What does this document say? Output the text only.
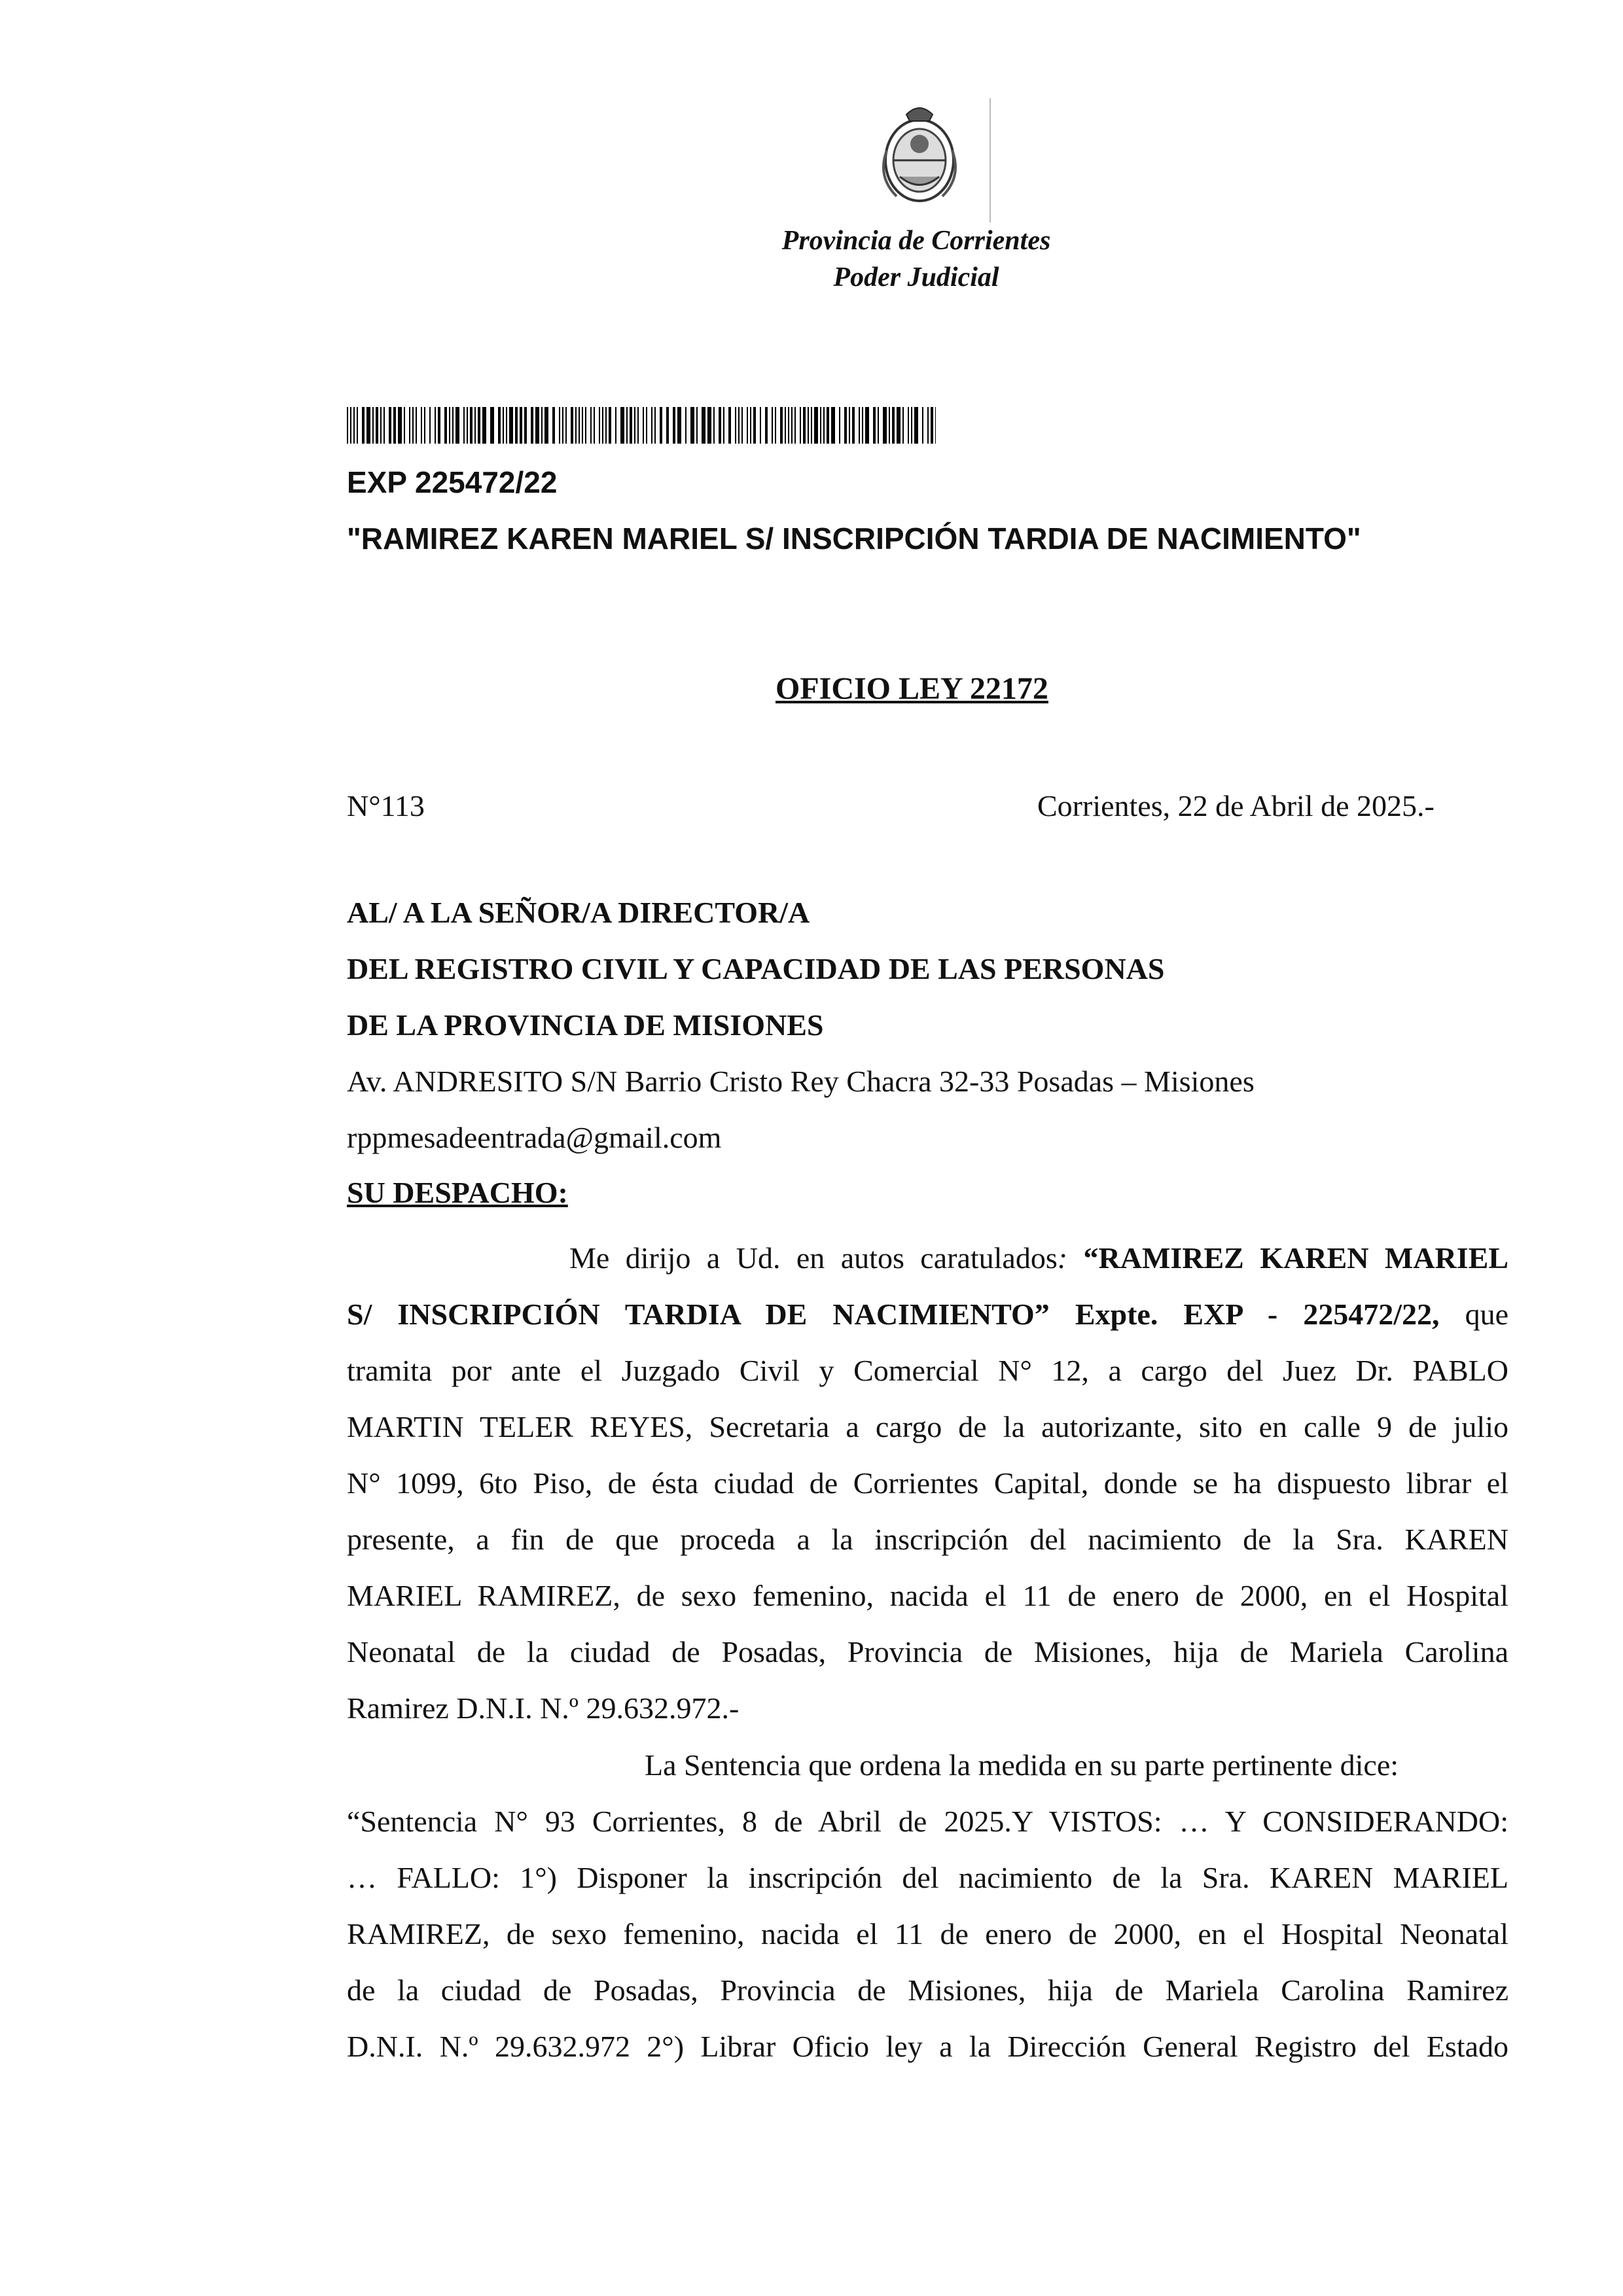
Provincia de Corrientes
Poder Judicial
EXP 225472/22
"RAMIREZ KAREN MARIEL S/ INSCRIPCIÓN TARDIA DE NACIMIENTO"
OFICIO LEY 22172
N°113	Corrientes, 22 de Abril de 2025.-
AL/ A LA SEÑOR/A DIRECTOR/A
DEL REGISTRO CIVIL Y CAPACIDAD DE LAS PERSONAS
DE LA PROVINCIA DE MISIONES
Av. ANDRESITO S/N Barrio Cristo Rey Chacra 32-33 Posadas – Misiones
rppmesadeentrada@gmail.com
SU DESPACHO:
Me dirijo a Ud. en autos caratulados: “RAMIREZ KAREN MARIEL
S/ INSCRIPCIÓN TARDIA DE NACIMIENTO” Expte. EXP - 225472/22, que
tramita por ante el Juzgado Civil y Comercial N° 12, a cargo del Juez Dr. PABLO
MARTIN TELER REYES, Secretaria a cargo de la autorizante, sito en calle 9 de julio
N° 1099, 6to Piso, de ésta ciudad de Corrientes Capital, donde se ha dispuesto librar el
presente, a fin de que proceda a la inscripción del nacimiento de la Sra. KAREN
MARIEL RAMIREZ, de sexo femenino, nacida el 11 de enero de 2000, en el Hospital
Neonatal de la ciudad de Posadas, Provincia de Misiones, hija de Mariela Carolina
Ramirez D.N.I. N.º 29.632.972.-
La Sentencia que ordena la medida en su parte pertinente dice:
“Sentencia N° 93 Corrientes, 8 de Abril de 2025.Y VISTOS: … Y CONSIDERANDO:
… FALLO: 1°) Disponer la inscripción del nacimiento de la Sra. KAREN MARIEL
RAMIREZ, de sexo femenino, nacida el 11 de enero de 2000, en el Hospital Neonatal
de la ciudad de Posadas, Provincia de Misiones, hija de Mariela Carolina Ramirez
D.N.I. N.º 29.632.972 2°) Librar Oficio ley a la Dirección General Registro del Estado
